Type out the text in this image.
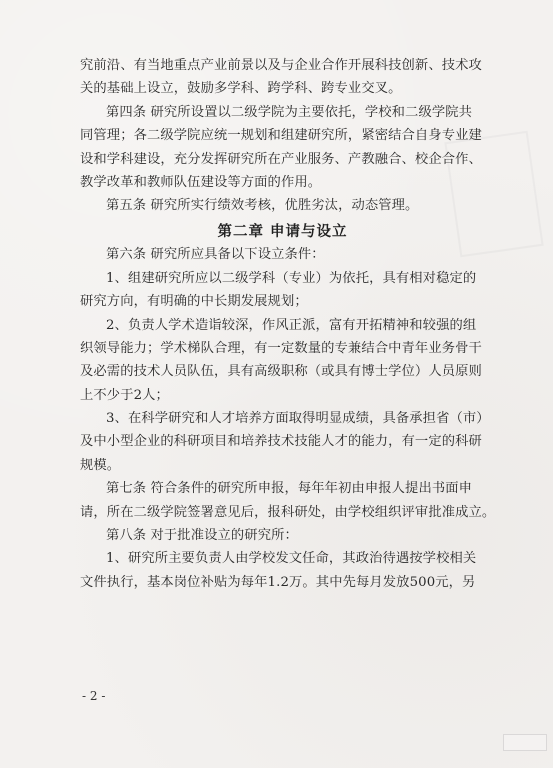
究前沿、有当地重点产业前景以及与企业合作开展科技创新、技术攻
关的基础上设立，鼓励多学科、跨学科、跨专业交叉。
第四条 研究所设置以二级学院为主要依托，学校和二级学院共
同管理；各二级学院应统一规划和组建研究所，紧密结合自身专业建
设和学科建设，充分发挥研究所在产业服务、产教融合、校企合作、
教学改革和教师队伍建设等方面的作用。
第五条 研究所实行绩效考核，优胜劣汰，动态管理。
第二章 申请与设立
第六条 研究所应具备以下设立条件：
1、组建研究所应以二级学科（专业）为依托，具有相对稳定的
研究方向，有明确的中长期发展规划；
2、负责人学术造诣较深，作风正派，富有开拓精神和较强的组
织领导能力；学术梯队合理，有一定数量的专兼结合中青年业务骨干
及必需的技术人员队伍，具有高级职称（或具有博士学位）人员原则
上不少于2人；
3、在科学研究和人才培养方面取得明显成绩，具备承担省（市）
及中小型企业的科研项目和培养技术技能人才的能力，有一定的科研
规模。
第七条 符合条件的研究所申报，每年年初由申报人提出书面申
请，所在二级学院签署意见后，报科研处，由学校组织评审批准成立。
第八条 对于批准设立的研究所：
1、研究所主要负责人由学校发文任命，其政治待遇按学校相关
文件执行，基本岗位补贴为每年1.2万。其中先每月发放500元，另
- 2 -
